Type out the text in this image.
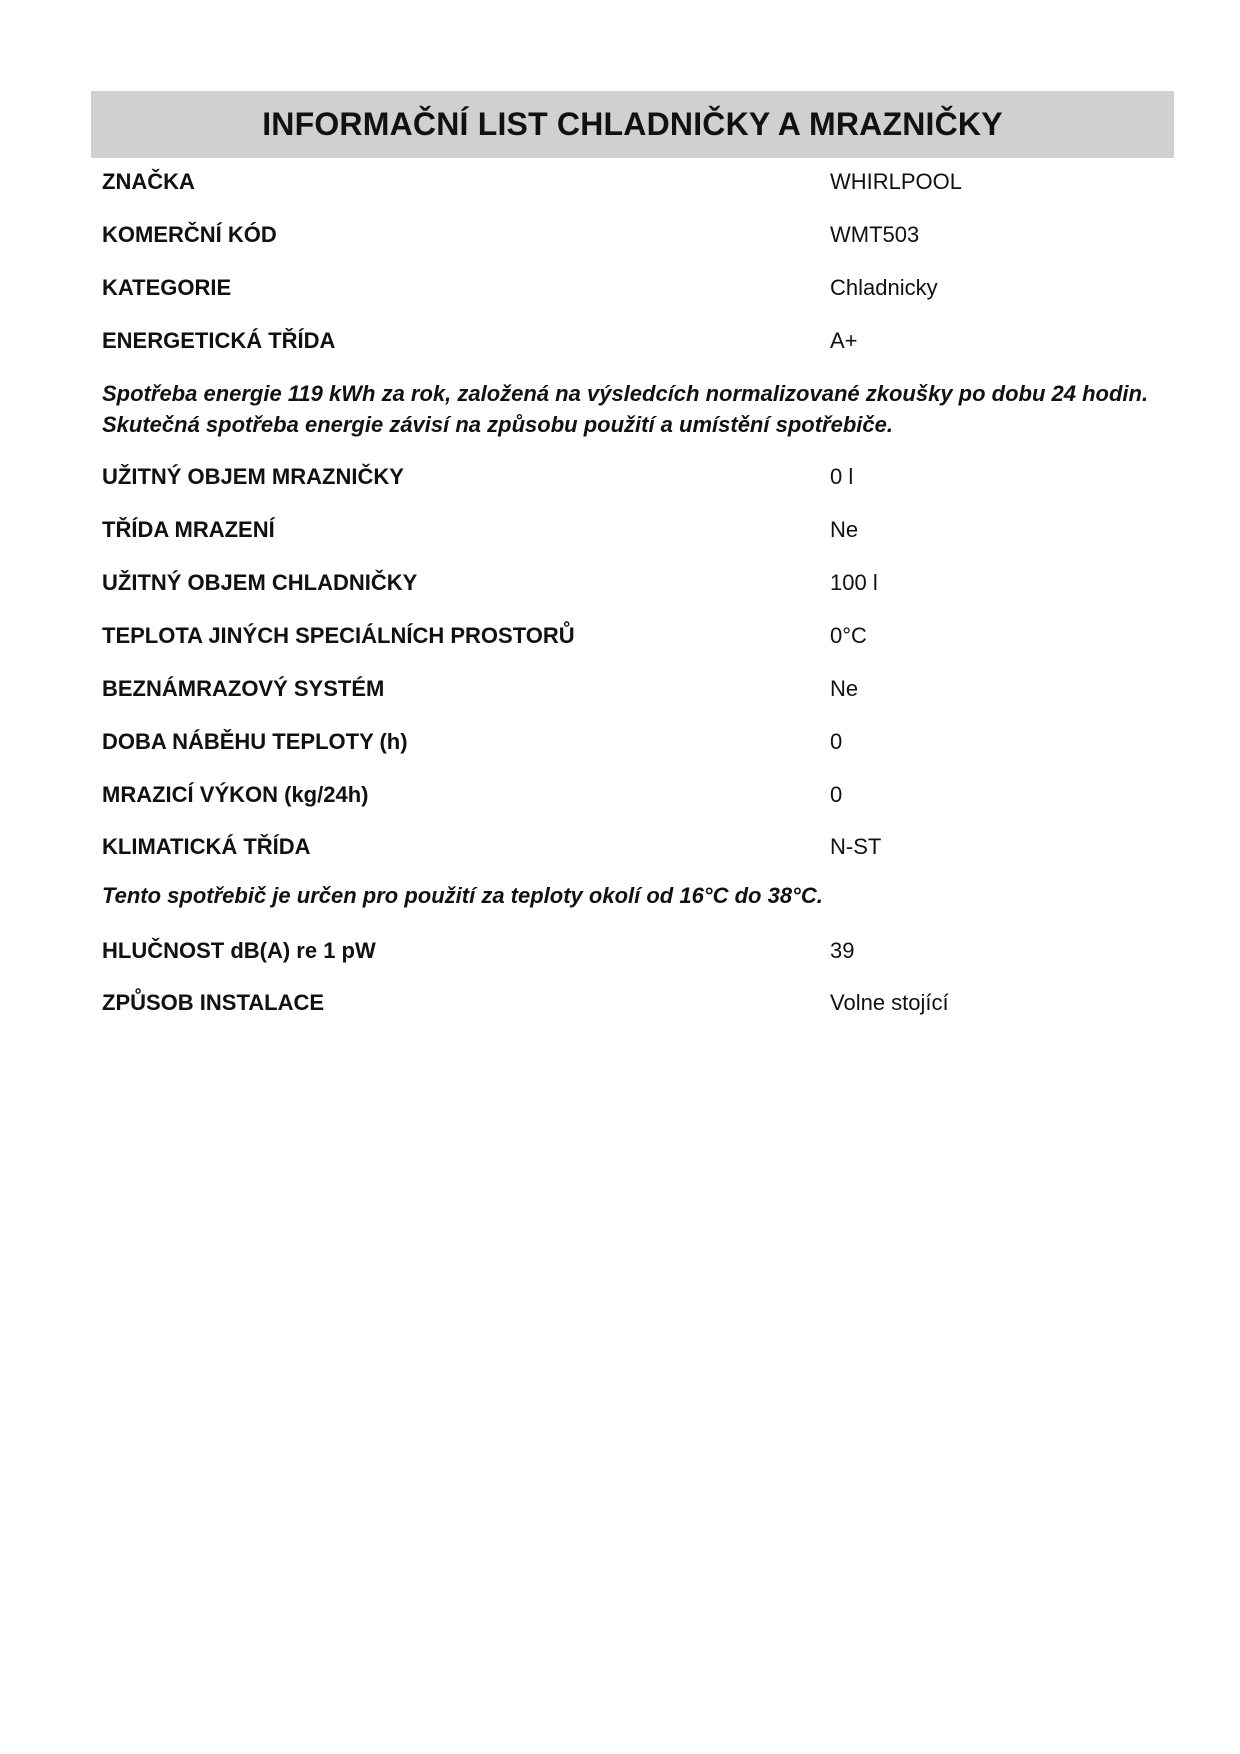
INFORMAČNÍ LIST CHLADNIČKY A MRAZNIČKY
ZNAČKA	WHIRLPOOL
KOMERČNÍ KÓD	WMT503
KATEGORIE	Chladnicky
ENERGETICKÁ TŘÍDA	A+
Spotřeba energie 119 kWh za rok, založená na výsledcích normalizované zkoušky po dobu 24 hodin.
Skutečná spotřeba energie závisí na způsobu použití a umístění spotřebiče.
UŽITNÝ OBJEM MRAZNIČKY	0 l
TŘÍDA MRAZENÍ	Ne
UŽITNÝ OBJEM CHLADNIČKY	100 l
TEPLOTA JINÝCH SPECIÁLNÍCH PROSTORŮ	0°C
BEZNÁMRAZOVÝ SYSTÉM	Ne
DOBA NÁBĚHU TEPLOTY (h)	0
MRAZICÍ VÝKON (kg/24h)	0
KLIMATICKÁ TŘÍDA	N-ST
Tento spotřebič je určen pro použití za teploty okolí od 16°C do 38°C.
HLUČNOST dB(A) re 1 pW	39
ZPŮSOB INSTALACE	Volne stojící
